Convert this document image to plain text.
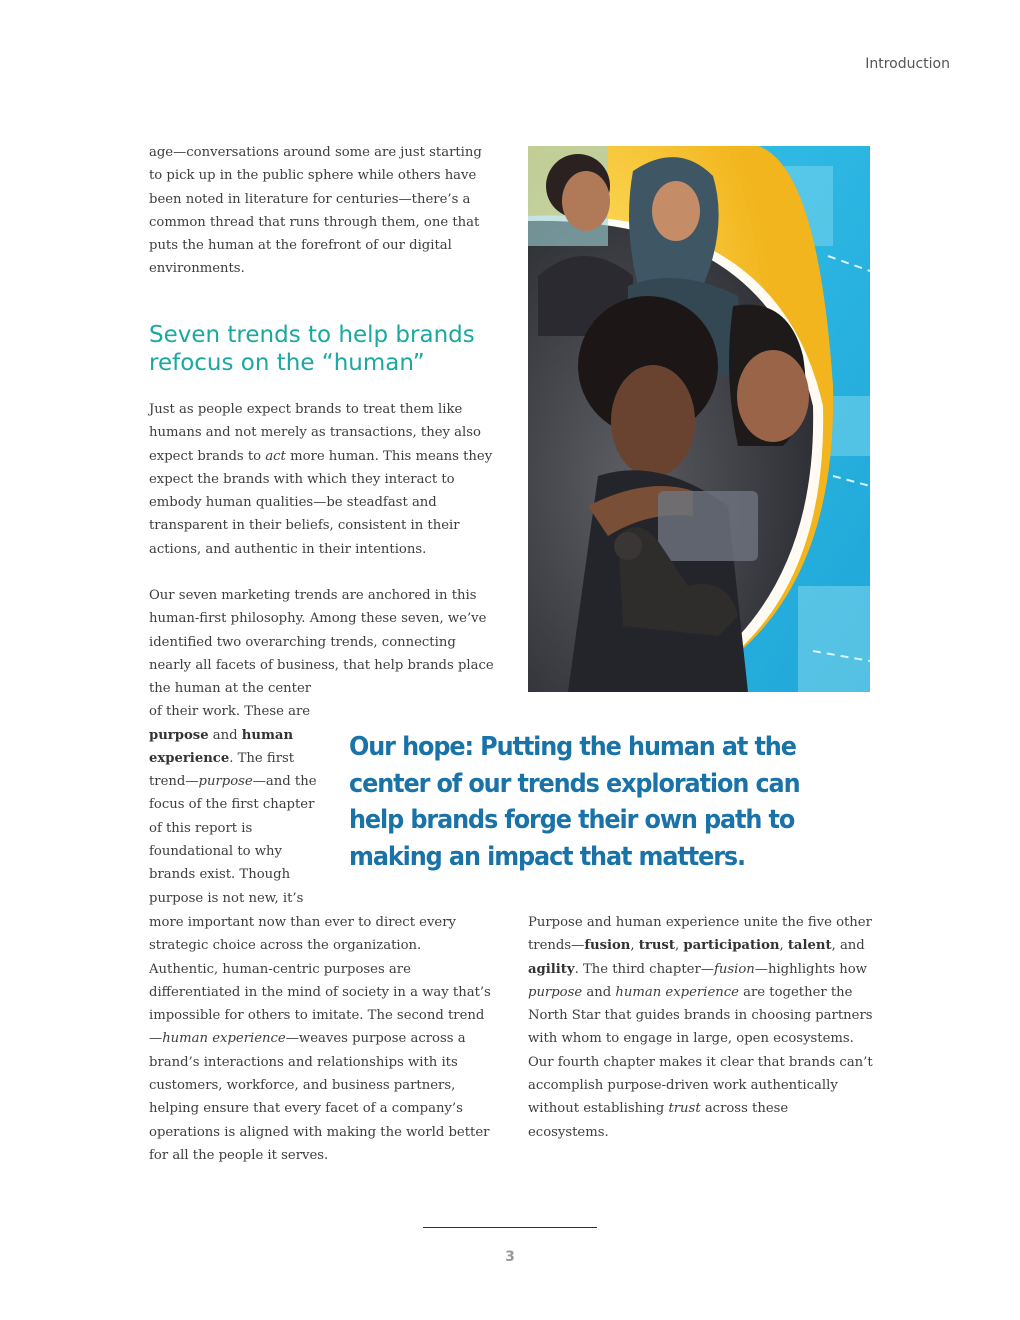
Introduction

age—conversations around some are just starting to pick up in the public sphere while others have been noted in literature for centuries—there’s a common thread that runs through them, one that puts the human at the forefront of our digital environments.

Seven trends to help brands refocus on the “human”

Just as people expect brands to treat them like humans and not merely as transactions, they also expect brands to act more human. This means they expect the brands with which they interact to embody human qualities—be steadfast and transparent in their beliefs, consistent in their actions, and authentic in their intentions.

Our seven marketing trends are anchored in this human-first philosophy. Among these seven, we’ve identified two overarching trends, connecting nearly all facets of business, that help brands place

the human at the center of their work. These are purpose and human experience. The first trend—purpose—and the focus of the first chapter of this report is foundational to why brands exist. Though purpose is not new, it’s

more important now than ever to direct every strategic choice across the organization. Authentic, human-centric purposes are differentiated in the mind of society in a way that’s impossible for others to imitate. The second trend—human experience—weaves purpose across a brand’s interactions and relationships with its customers, workforce, and business partners, helping ensure that every facet of a company’s operations is aligned with making the world better for all the people it serves.

Our hope: Putting the human at the center of our trends exploration can help brands forge their own path to making an impact that matters.

Purpose and human experience unite the five other trends—fusion, trust, participation, talent, and agility. The third chapter—fusion—highlights how purpose and human experience are together the North Star that guides brands in choosing partners with whom to engage in large, open ecosystems. Our fourth chapter makes it clear that brands can’t accomplish purpose-driven work authentically without establishing trust across these ecosystems.

3
